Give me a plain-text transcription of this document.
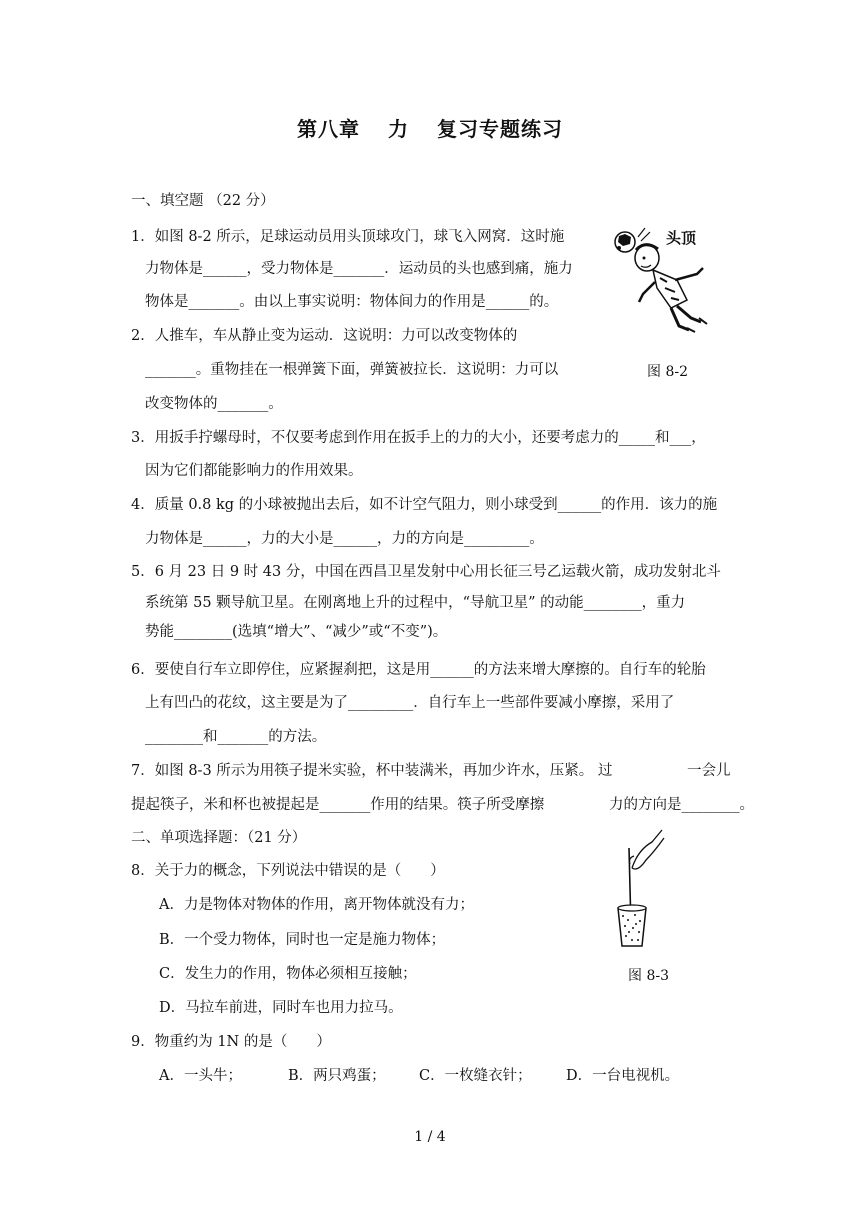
第八章 力 复习专题练习
一、填空题 （22 分）
1．如图 8-2 所示，足球运动员用头顶球攻门，球飞入网窝．这时施
力物体是______，受力物体是_______．运动员的头也感到痛，施力
物体是_______。由以上事实说明：物体间力的作用是______的。
2．人推车，车从静止变为运动．这说明：力可以改变物体的
_______。重物挂在一根弹簧下面，弹簧被拉长．这说明：力可以
改变物体的_______。
3．用扳手拧螺母时，不仅要考虑到作用在扳手上的力的大小，还要考虑力的_____和___，
因为它们都能影响力的作用效果。
4．质量 0.8 kg 的小球被抛出去后，如不计空气阻力，则小球受到______的作用．该力的施
力物体是______，力的大小是______，力的方向是_________。
5．6 月 23 日 9 时 43 分，中国在西昌卫星发射中心用长征三号乙运载火箭，成功发射北斗
系统第 55 颗导航卫星。在刚离地上升的过程中，“导航卫星” 的动能________，重力
势能________(选填“增大”、“减少”或“不变”)。
6．要使自行车立即停住，应紧握刹把，这是用______的方法来增大摩擦的。自行车的轮胎
上有凹凸的花纹，这主要是为了_________．自行车上一些部件要减小摩擦，采用了
________和_______的方法。
7．如图 8-3 所示为用筷子提米实验，杯中装满米，再加少许水，压紧。 过	一会儿
提起筷子，米和杯也被提起是_______作用的结果。筷子所受摩擦	力的方向是________。
二、单项选择题：（21 分）
8．关于力的概念，下列说法中错误的是（　　）
A．力是物体对物体的作用，离开物体就没有力；
B．一个受力物体，同时也一定是施力物体；
C．发生力的作用，物体必须相互接触；
D．马拉车前进，同时车也用力拉马。
9．物重约为 1N 的是（　　）
A．一头牛；	B．两只鸡蛋； C．一枚缝衣针； D．一台电视机。
头顶
图 8-2
图 8-3
1 / 4
